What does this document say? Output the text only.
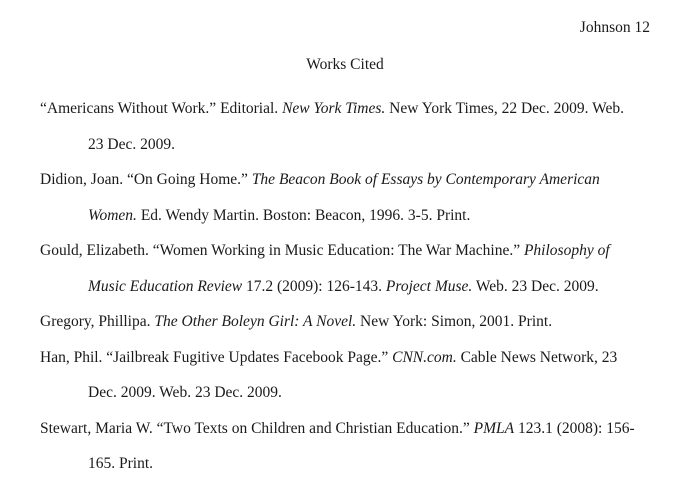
Johnson 12
Works Cited
“Americans Without Work.” Editorial. New York Times. New York Times, 22 Dec. 2009. Web.
23 Dec. 2009.
Didion, Joan. “On Going Home.” The Beacon Book of Essays by Contemporary American
Women. Ed. Wendy Martin. Boston: Beacon, 1996. 3-5. Print.
Gould, Elizabeth. “Women Working in Music Education: The War Machine.” Philosophy of
Music Education Review 17.2 (2009): 126-143. Project Muse. Web. 23 Dec. 2009.
Gregory, Phillipa. The Other Boleyn Girl: A Novel. New York: Simon, 2001. Print.
Han, Phil. “Jailbreak Fugitive Updates Facebook Page.” CNN.com. Cable News Network, 23
Dec. 2009. Web. 23 Dec. 2009.
Stewart, Maria W. “Two Texts on Children and Christian Education.” PMLA 123.1 (2008): 156-
165. Print.
